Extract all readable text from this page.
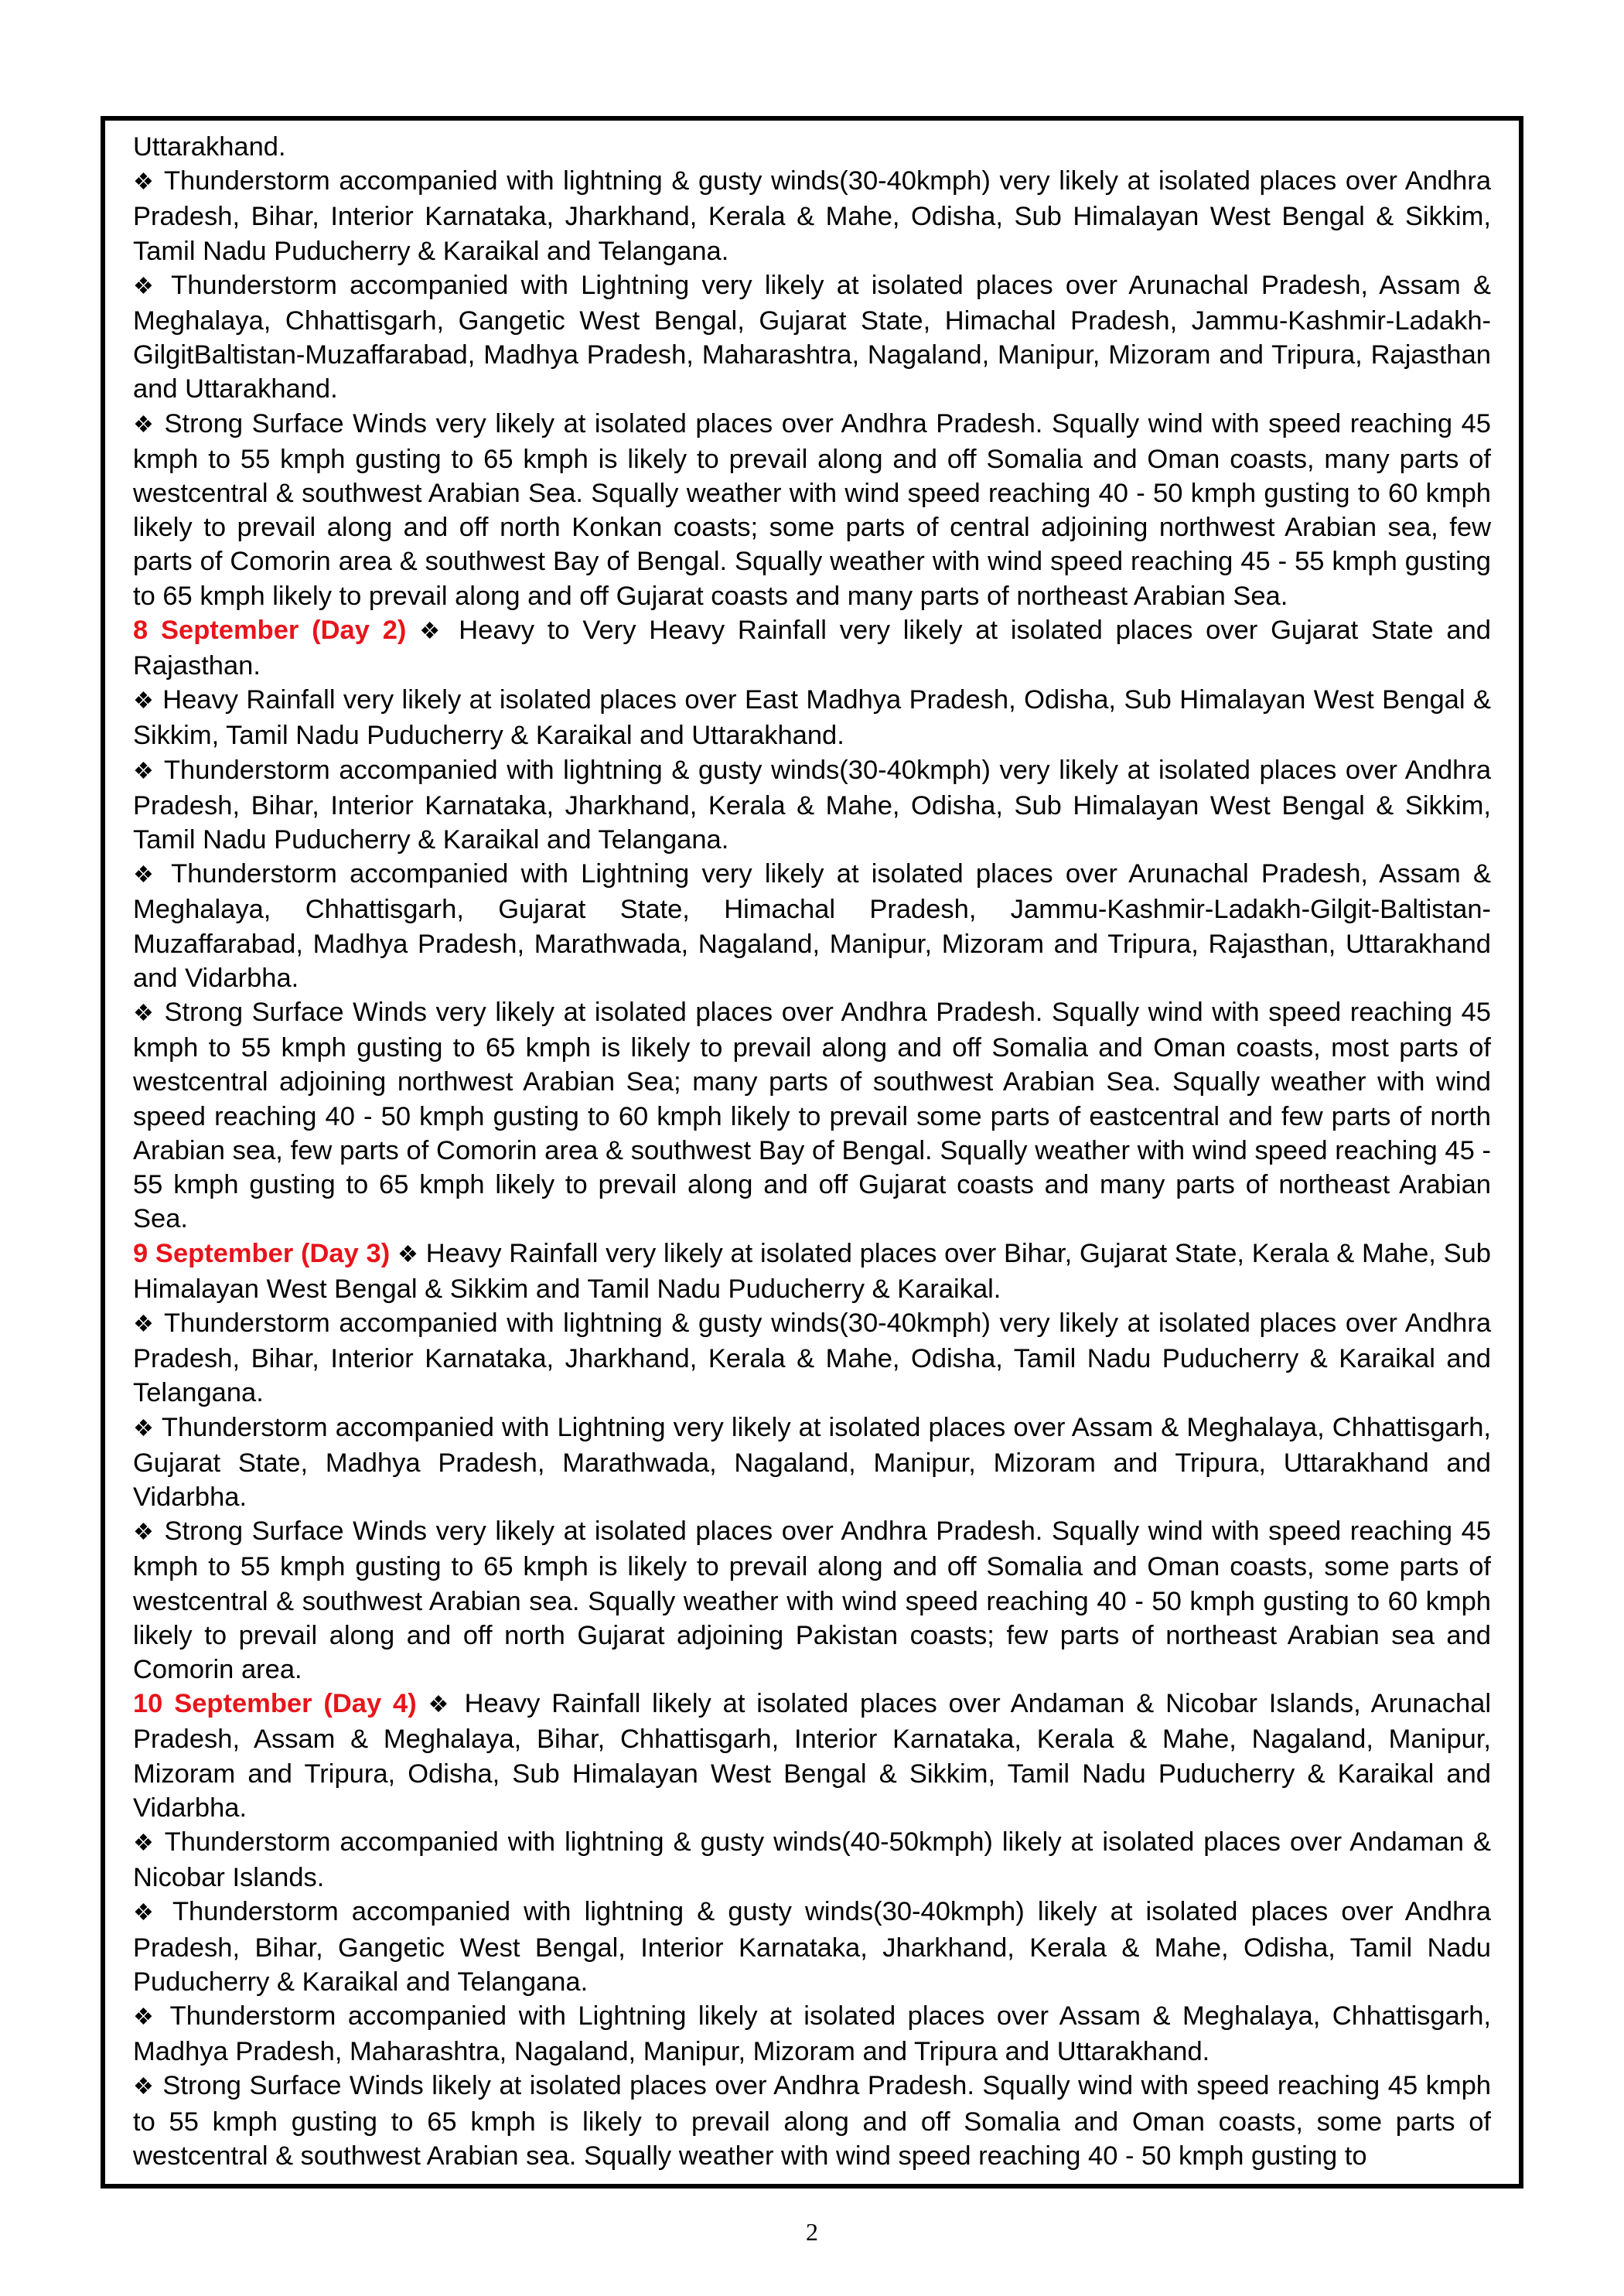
Uttarakhand.

❖ Thunderstorm accompanied with lightning & gusty winds(30-40kmph) very likely at isolated places over Andhra Pradesh, Bihar, Interior Karnataka, Jharkhand, Kerala & Mahe, Odisha, Sub Himalayan West Bengal & Sikkim, Tamil Nadu Puducherry & Karaikal and Telangana.

❖ Thunderstorm accompanied with Lightning very likely at isolated places over Arunachal Pradesh, Assam & Meghalaya, Chhattisgarh, Gangetic West Bengal, Gujarat State, Himachal Pradesh, Jammu-Kashmir-Ladakh-GilgitBaltistan-Muzaffarabad, Madhya Pradesh, Maharashtra, Nagaland, Manipur, Mizoram and Tripura, Rajasthan and Uttarakhand.

❖ Strong Surface Winds very likely at isolated places over Andhra Pradesh. Squally wind with speed reaching 45 kmph to 55 kmph gusting to 65 kmph is likely to prevail along and off Somalia and Oman coasts, many parts of westcentral & southwest Arabian Sea. Squally weather with wind speed reaching 40 - 50 kmph gusting to 60 kmph likely to prevail along and off north Konkan coasts; some parts of central adjoining northwest Arabian sea, few parts of Comorin area & southwest Bay of Bengal. Squally weather with wind speed reaching 45 - 55 kmph gusting to 65 kmph likely to prevail along and off Gujarat coasts and many parts of northeast Arabian Sea.

8 September (Day 2) ❖ Heavy to Very Heavy Rainfall very likely at isolated places over Gujarat State and Rajasthan.

❖ Heavy Rainfall very likely at isolated places over East Madhya Pradesh, Odisha, Sub Himalayan West Bengal & Sikkim, Tamil Nadu Puducherry & Karaikal and Uttarakhand.

❖ Thunderstorm accompanied with lightning & gusty winds(30-40kmph) very likely at isolated places over Andhra Pradesh, Bihar, Interior Karnataka, Jharkhand, Kerala & Mahe, Odisha, Sub Himalayan West Bengal & Sikkim, Tamil Nadu Puducherry & Karaikal and Telangana.

❖ Thunderstorm accompanied with Lightning very likely at isolated places over Arunachal Pradesh, Assam & Meghalaya, Chhattisgarh, Gujarat State, Himachal Pradesh, Jammu-Kashmir-Ladakh-Gilgit-Baltistan-Muzaffarabad, Madhya Pradesh, Marathwada, Nagaland, Manipur, Mizoram and Tripura, Rajasthan, Uttarakhand and Vidarbha.

❖ Strong Surface Winds very likely at isolated places over Andhra Pradesh. Squally wind with speed reaching 45 kmph to 55 kmph gusting to 65 kmph is likely to prevail along and off Somalia and Oman coasts, most parts of westcentral adjoining northwest Arabian Sea; many parts of southwest Arabian Sea. Squally weather with wind speed reaching 40 - 50 kmph gusting to 60 kmph likely to prevail some parts of eastcentral and few parts of north Arabian sea, few parts of Comorin area & southwest Bay of Bengal. Squally weather with wind speed reaching 45 - 55 kmph gusting to 65 kmph likely to prevail along and off Gujarat coasts and many parts of northeast Arabian Sea.

9 September (Day 3) ❖ Heavy Rainfall very likely at isolated places over Bihar, Gujarat State, Kerala & Mahe, Sub Himalayan West Bengal & Sikkim and Tamil Nadu Puducherry & Karaikal.

❖ Thunderstorm accompanied with lightning & gusty winds(30-40kmph) very likely at isolated places over Andhra Pradesh, Bihar, Interior Karnataka, Jharkhand, Kerala & Mahe, Odisha, Tamil Nadu Puducherry & Karaikal and Telangana.

❖ Thunderstorm accompanied with Lightning very likely at isolated places over Assam & Meghalaya, Chhattisgarh, Gujarat State, Madhya Pradesh, Marathwada, Nagaland, Manipur, Mizoram and Tripura, Uttarakhand and Vidarbha.

❖ Strong Surface Winds very likely at isolated places over Andhra Pradesh. Squally wind with speed reaching 45 kmph to 55 kmph gusting to 65 kmph is likely to prevail along and off Somalia and Oman coasts, some parts of westcentral & southwest Arabian sea. Squally weather with wind speed reaching 40 - 50 kmph gusting to 60 kmph likely to prevail along and off north Gujarat adjoining Pakistan coasts; few parts of northeast Arabian sea and Comorin area.

10 September (Day 4) ❖ Heavy Rainfall likely at isolated places over Andaman & Nicobar Islands, Arunachal Pradesh, Assam & Meghalaya, Bihar, Chhattisgarh, Interior Karnataka, Kerala & Mahe, Nagaland, Manipur, Mizoram and Tripura, Odisha, Sub Himalayan West Bengal & Sikkim, Tamil Nadu Puducherry & Karaikal and Vidarbha.

❖ Thunderstorm accompanied with lightning & gusty winds(40-50kmph) likely at isolated places over Andaman & Nicobar Islands.

❖ Thunderstorm accompanied with lightning & gusty winds(30-40kmph) likely at isolated places over Andhra Pradesh, Bihar, Gangetic West Bengal, Interior Karnataka, Jharkhand, Kerala & Mahe, Odisha, Tamil Nadu Puducherry & Karaikal and Telangana.

❖ Thunderstorm accompanied with Lightning likely at isolated places over Assam & Meghalaya, Chhattisgarh, Madhya Pradesh, Maharashtra, Nagaland, Manipur, Mizoram and Tripura and Uttarakhand.

❖ Strong Surface Winds likely at isolated places over Andhra Pradesh. Squally wind with speed reaching 45 kmph to 55 kmph gusting to 65 kmph is likely to prevail along and off Somalia and Oman coasts, some parts of westcentral & southwest Arabian sea. Squally weather with wind speed reaching 40 - 50 kmph gusting to

2
